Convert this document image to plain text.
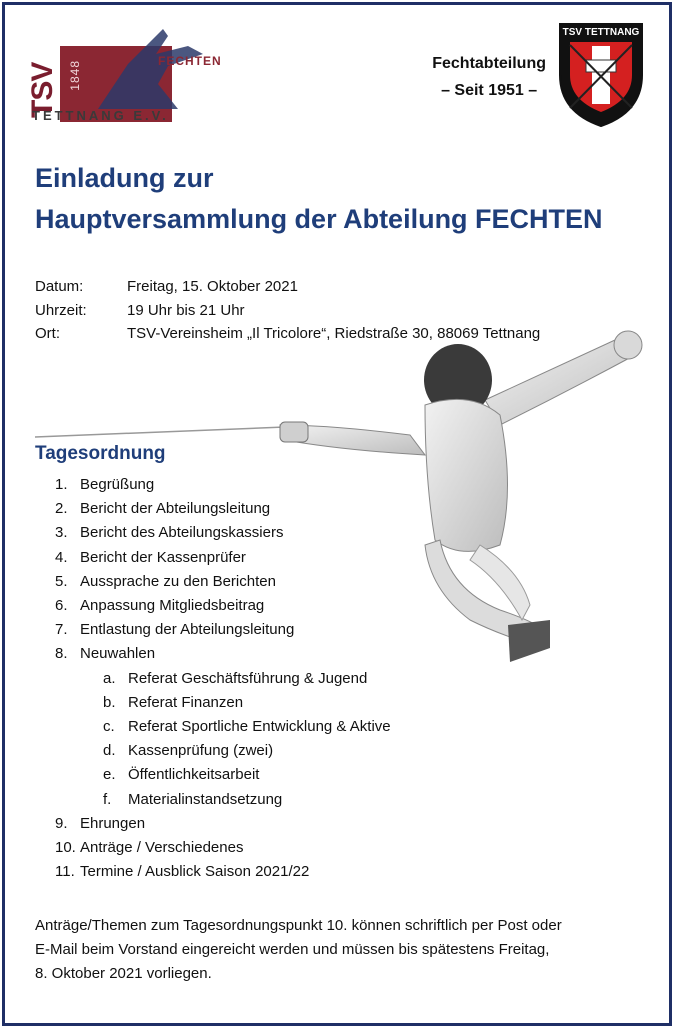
TSV 1848	FECHTEN
TETTNANG E.V.
Fechtabteilung
– Seit 1951 –
TSV TETTNANG
Einladung zur
Hauptversammlung der Abteilung FECHTEN
Datum:	Freitag, 15. Oktober 2021
Uhrzeit:	19 Uhr bis 21 Uhr
Ort:	TSV-Vereinsheim „Il Tricolore“, Riedstraße 30, 88069 Tettnang
Tagesordnung
1. Begrüßung
2. Bericht der Abteilungsleitung
3. Bericht des Abteilungskassiers
4. Bericht der Kassenprüfer
5. Aussprache zu den Berichten
6. Anpassung Mitgliedsbeitrag
7. Entlastung der Abteilungsleitung
8. Neuwahlen
a. Referat Geschäftsführung & Jugend
b. Referat Finanzen
c. Referat Sportliche Entwicklung & Aktive
d. Kassenprüfung (zwei)
e. Öffentlichkeitsarbeit
f.	Materialinstandsetzung
9. Ehrungen
10. Anträge / Verschiedenes
11. Termine / Ausblick Saison 2021/22
Anträge/Themen zum Tagesordnungspunkt 10. können schriftlich per Post oder
E-Mail beim Vorstand eingereicht werden und müssen bis spätestens Freitag,
8. Oktober 2021 vorliegen.
